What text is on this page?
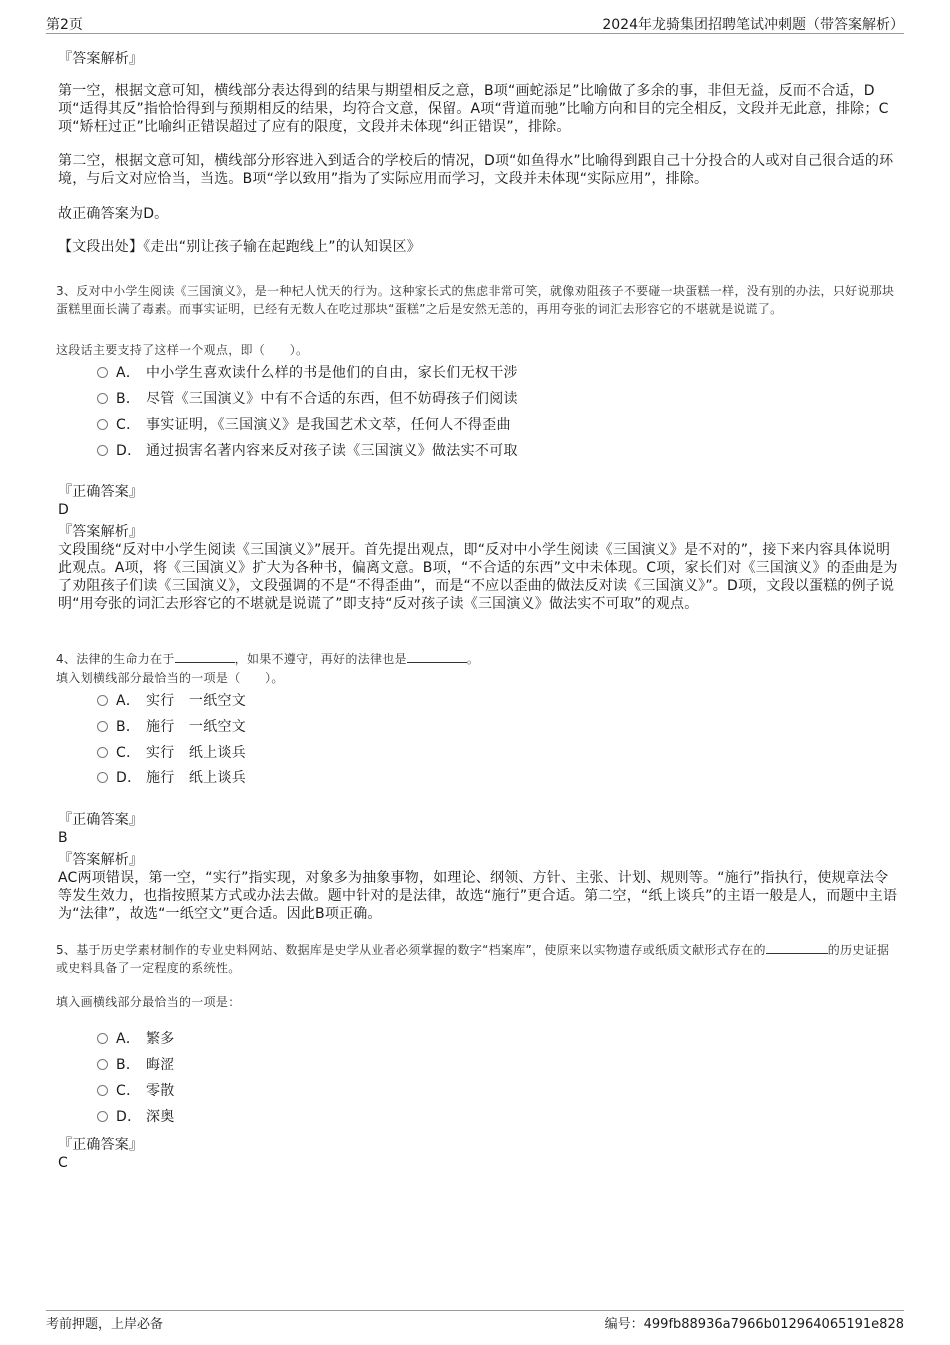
第2页	2024年龙骑集团招聘笔试冲刺题（带答案解析）
『答案解析』
第一空，根据文意可知，横线部分表达得到的结果与期望相反之意，B项“画蛇添足”比喻做了多余的事，非但无益，反而不合适，D项“适得其反”指恰恰得到与预期相反的结果，均符合文意，保留。A项“背道而驰”比喻方向和目的完全相反，文段并无此意，排除；C项“矫枉过正”比喻纠正错误超过了应有的限度，文段并未体现“纠正错误”，排除。
第二空，根据文意可知，横线部分形容进入到适合的学校后的情况，D项“如鱼得水”比喻得到跟自己十分投合的人或对自己很合适的环境，与后文对应恰当，当选。B项“学以致用”指为了实际应用而学习，文段并未体现“实际应用”，排除。
故正确答案为D。
【文段出处】《走出“别让孩子输在起跑线上”的认知误区》
3、反对中小学生阅读《三国演义》，是一种杞人忧天的行为。这种家长式的焦虑非常可笑，就像劝阻孩子不要碰一块蛋糕一样，没有别的办法，只好说那块蛋糕里面长满了毒素。而事实证明，已经有无数人在吃过那块“蛋糕”之后是安然无恙的，再用夸张的词汇去形容它的不堪就是说谎了。
这段话主要支持了这样一个观点，即（　　）。
A． 中小学生喜欢读什么样的书是他们的自由，家长们无权干涉
B． 尽管《三国演义》中有不合适的东西，但不妨碍孩子们阅读
C． 事实证明，《三国演义》是我国艺术文萃，任何人不得歪曲
D． 通过损害名著内容来反对孩子读《三国演义》做法实不可取
『正确答案』
D
『答案解析』
文段围绕“反对中小学生阅读《三国演义》”展开。首先提出观点，即“反对中小学生阅读《三国演义》是不对的”，接下来内容具体说明此观点。A项，将《三国演义》扩大为各种书，偏离文意。B项，“不合适的东西”文中未体现。C项，家长们对《三国演义》的歪曲是为了劝阻孩子们读《三国演义》，文段强调的不是“不得歪曲”，而是“不应以歪曲的做法反对读《三国演义》”。D项，文段以蛋糕的例子说明“用夸张的词汇去形容它的不堪就是说谎了”即支持“反对孩子读《三国演义》做法实不可取”的观点。
4、法律的生命力在于	，如果不遵守，再好的法律也是	。
填入划横线部分最恰当的一项是（　　）。
A． 实行　一纸空文
B． 施行　一纸空文
C． 实行　纸上谈兵
D． 施行　纸上谈兵
『正确答案』
B
『答案解析』
AC两项错误，第一空，“实行”指实现，对象多为抽象事物，如理论、纲领、方针、主张、计划、规则等。“施行”指执行，使规章法令等发生效力，也指按照某方式或办法去做。题中针对的是法律，故选“施行”更合适。第二空，“纸上谈兵”的主语一般是人，而题中主语为“法律”，故选“一纸空文”更合适。因此B项正确。
5、基于历史学素材制作的专业史料网站、数据库是史学从业者必须掌握的数字“档案库”，使原来以实物遗存或纸质文献形式存在的	的历史证据或史料具备了一定程度的系统性。
填入画横线部分最恰当的一项是：
A． 繁多
B． 晦涩
C． 零散
D． 深奥
『正确答案』
C
考前押题，上岸必备	编号：499fb88936a7966b012964065191e828
